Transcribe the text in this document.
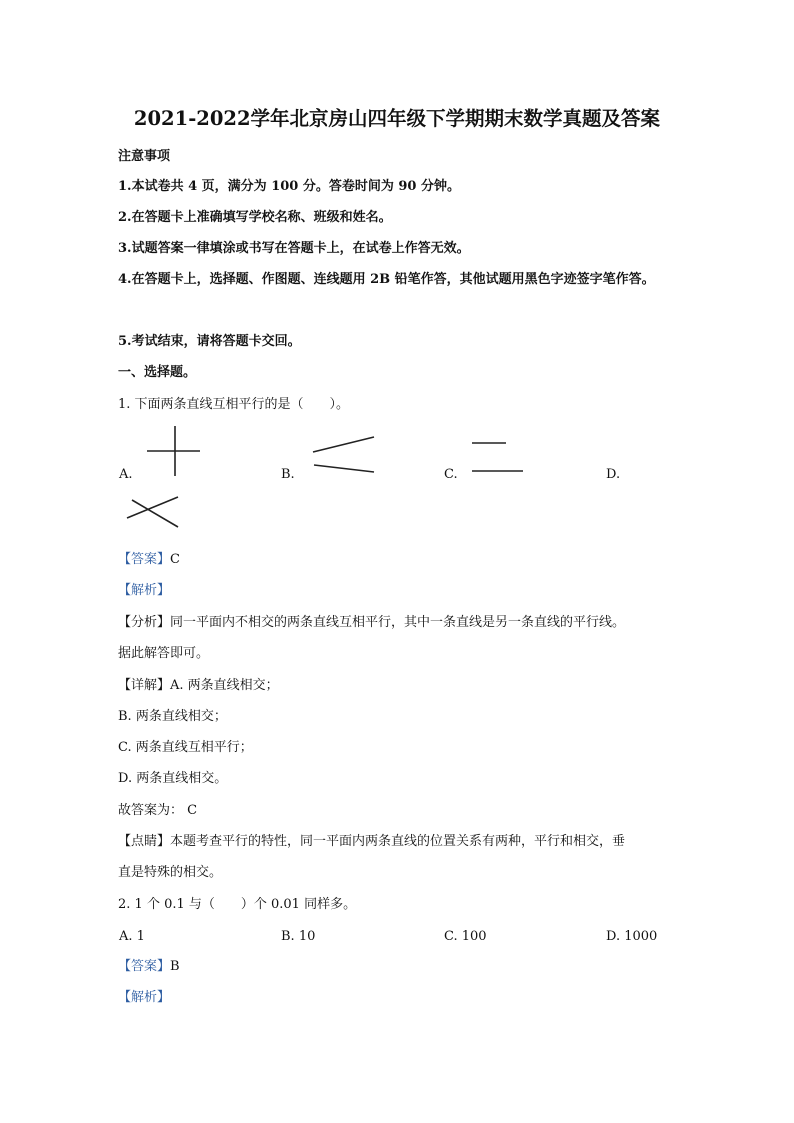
2021-2022学年北京房山四年级下学期期末数学真题及答案
注意事项
1.本试卷共 4 页，满分为 100 分。答卷时间为 90 分钟。
2.在答题卡上准确填写学校名称、班级和姓名。
3.试题答案一律填涂或书写在答题卡上，在试卷上作答无效。
4.在答题卡上，选择题、作图题、连线题用 2B 铅笔作答，其他试题用黑色字迹签字笔作答。
5.考试结束，请将答题卡交回。
一、选择题。
1. 下面两条直线互相平行的是（　　）。
A.	B.	C.	D.
【答案】C
【解析】
【分析】同一平面内不相交的两条直线互相平行，其中一条直线是另一条直线的平行线。
据此解答即可。
【详解】A. 两条直线相交；
B. 两条直线相交；
C. 两条直线互相平行；
D. 两条直线相交。
故答案为： C
【点睛】本题考查平行的特性，同一平面内两条直线的位置关系有两种，平行和相交，垂
直是特殊的相交。
2. 1 个 0.1 与（　　）个 0.01 同样多。
A. 1	B. 10	C. 100	D. 1000
【答案】B
【解析】
